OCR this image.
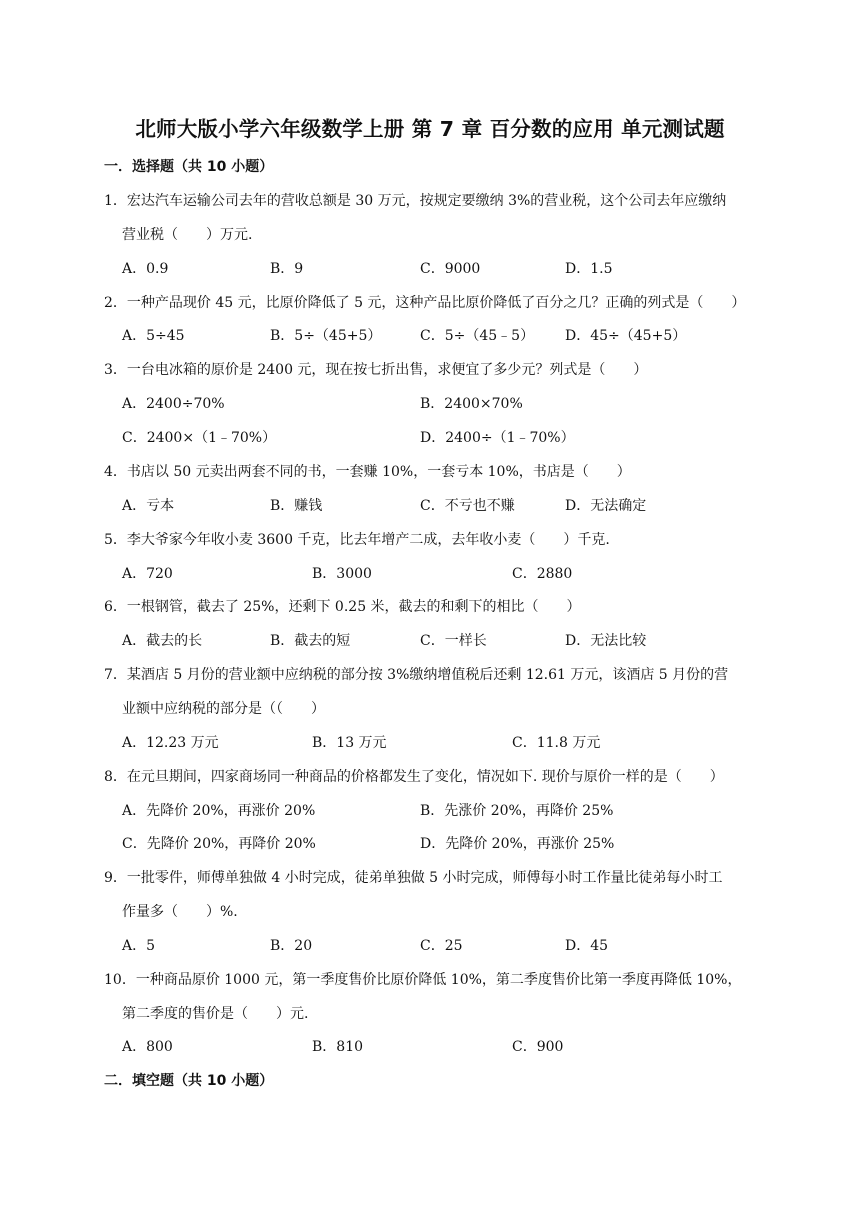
北师大版小学六年级数学上册 第 7 章 百分数的应用 单元测试题
一．选择题（共 10 小题）
1．宏达汽车运输公司去年的营收总额是 30 万元，按规定要缴纳 3%的营业税，这个公司去年应缴纳
营业税（　　）万元.
A．0.9	B．9	C．9000	D．1.5
2．一种产品现价 45 元，比原价降低了 5 元，这种产品比原价降低了百分之几？正确的列式是（　　）
A．5÷45	B．5÷（45+5）	C．5÷（45﹣5） D．45÷（45+5）
3．一台电冰箱的原价是 2400 元，现在按七折出售，求便宜了多少元？列式是（　　）
A．2400÷70%	B．2400×70%
C．2400×（1﹣70%）	D．2400÷（1﹣70%）
4．书店以 50 元卖出两套不同的书，一套赚 10%，一套亏本 10%，书店是（　　）
A．亏本	B．赚钱	C．不亏也不赚	D．无法确定
5．李大爷家今年收小麦 3600 千克，比去年增产二成，去年收小麦（　　）千克.
A．720	B．3000	C．2880
6．一根钢管，截去了 25%，还剩下 0.25 米，截去的和剩下的相比（　　）
A．截去的长	B．截去的短	C．一样长	D．无法比较
7．某酒店 5 月份的营业额中应纳税的部分按 3%缴纳增值税后还剩 12.61 万元，该酒店 5 月份的营
业额中应纳税的部分是（（　　）
A．12.23 万元	B．13 万元	C．11.8 万元
8．在元旦期间，四家商场同一种商品的价格都发生了变化，情况如下. 现价与原价一样的是（　　）
A．先降价 20%，再涨价 20%	B．先涨价 20%，再降价 25%
C．先降价 20%，再降价 20%	D．先降价 20%，再涨价 25%
9．一批零件，师傅单独做 4 小时完成，徒弟单独做 5 小时完成，师傅每小时工作量比徒弟每小时工
作量多（　　）%.
A．5	B．20	C．25	D．45
10．一种商品原价 1000 元，第一季度售价比原价降低 10%，第二季度售价比第一季度再降低 10%，
第二季度的售价是（　　）元.
A．800	B．810	C．900
二．填空题（共 10 小题）
